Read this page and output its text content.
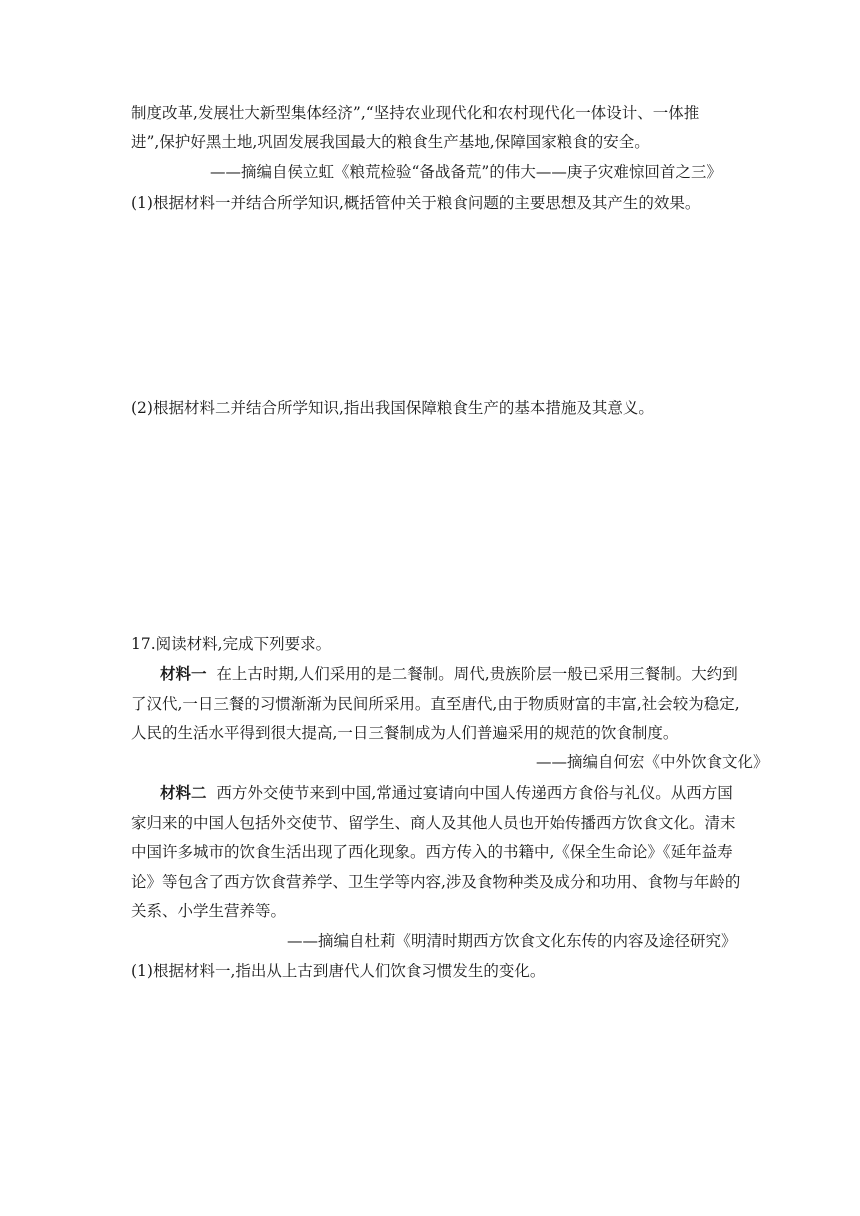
制度改革,发展壮大新型集体经济”,“坚持农业现代化和农村现代化一体设计、一体推
进”,保护好黑土地,巩固发展我国最大的粮食生产基地,保障国家粮食的安全。
——摘编自侯立虹《粮荒检验“备战备荒”的伟大——庚子灾难惊回首之三》
(1)根据材料一并结合所学知识,概括管仲关于粮食问题的主要思想及其产生的效果。
(2)根据材料二并结合所学知识,指出我国保障粮食生产的基本措施及其意义。
17.阅读材料,完成下列要求。
材料一 在上古时期,人们采用的是二餐制。周代,贵族阶层一般已采用三餐制。大约到
了汉代,一日三餐的习惯渐渐为民间所采用。直至唐代,由于物质财富的丰富,社会较为稳定,
人民的生活水平得到很大提高,一日三餐制成为人们普遍采用的规范的饮食制度。
——摘编自何宏《中外饮食文化》
材料二 西方外交使节来到中国,常通过宴请向中国人传递西方食俗与礼仪。从西方国
家归来的中国人包括外交使节、留学生、商人及其他人员也开始传播西方饮食文化。清末
中国许多城市的饮食生活出现了西化现象。西方传入的书籍中,《保全生命论》《延年益寿
论》等包含了西方饮食营养学、卫生学等内容,涉及食物种类及成分和功用、食物与年龄的
关系、小学生营养等。
——摘编自杜莉《明清时期西方饮食文化东传的内容及途径研究》
(1)根据材料一,指出从上古到唐代人们饮食习惯发生的变化。
